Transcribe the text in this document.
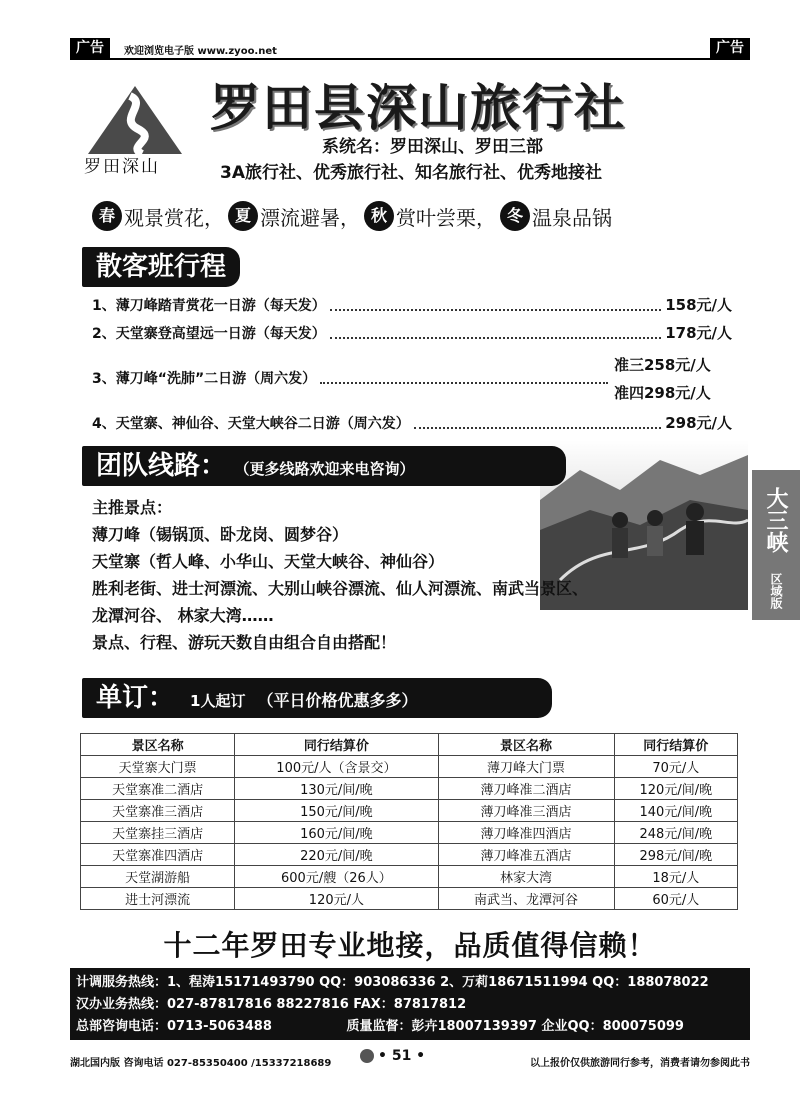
广告	欢迎浏览电子版 www.zyoo.net	广告
罗田深山
罗田县深山旅行社
系统名：罗田深山、罗田三部
3A旅行社、优秀旅行社、知名旅行社、优秀地接社
春 观景赏花， 夏 漂流避暑， 秋 赏叶尝栗， 冬 温泉品锅
散客班行程
1、薄刀峰踏青赏花一日游（每天发）	158元/人
2、天堂寨登高望远一日游（每天发）	178元/人
3、薄刀峰“洗肺”二日游（周六发）
准三258元/人
准四298元/人
4、天堂寨、神仙谷、天堂大峡谷二日游（周六发）	298元/人
团队线路： （更多线路欢迎来电咨询）
主推景点：
薄刀峰（锡锅顶、卧龙岗、圆梦谷）
天堂寨（哲人峰、小华山、天堂大峡谷、神仙谷）
胜利老街、进士河漂流、大别山峡谷漂流、仙人河漂流、南武当景区、
龙潭河谷、 林家大湾……
景点、行程、游玩天数自由组合自由搭配！
大三峡
区域版
单订： 1人起订 （平日价格优惠多多）
景区名称	同行结算价	景区名称	同行结算价
天堂寨大门票	100元/人（含景交）	薄刀峰大门票	70元/人
天堂寨准二酒店	130元/间/晚	薄刀峰准二酒店	120元/间/晚
天堂寨准三酒店	150元/间/晚	薄刀峰准三酒店	140元/间/晚
天堂寨挂三酒店	160元/间/晚	薄刀峰准四酒店	248元/间/晚
天堂寨准四酒店	220元/间/晚	薄刀峰准五酒店	298元/间/晚
天堂湖游船	600元/艘（26人）	林家大湾	18元/人
进士河漂流	120元/人	南武当、龙潭河谷	60元/人
十二年罗田专业地接，品质值得信赖！
计调服务热线：1、程涛15171493790 QQ：903086336 2、万莉18671511994 QQ：188078022
汉办业务热线：027-87817816 88227816 FAX：87817812
总部咨询电话：0713-5063488	质量监督：彭卉18007139397 企业QQ：800075099
湖北国内版 咨询电话 027-85350400 /15337218689	• 51 •	以上报价仅供旅游同行参考，消费者请勿参阅此书
